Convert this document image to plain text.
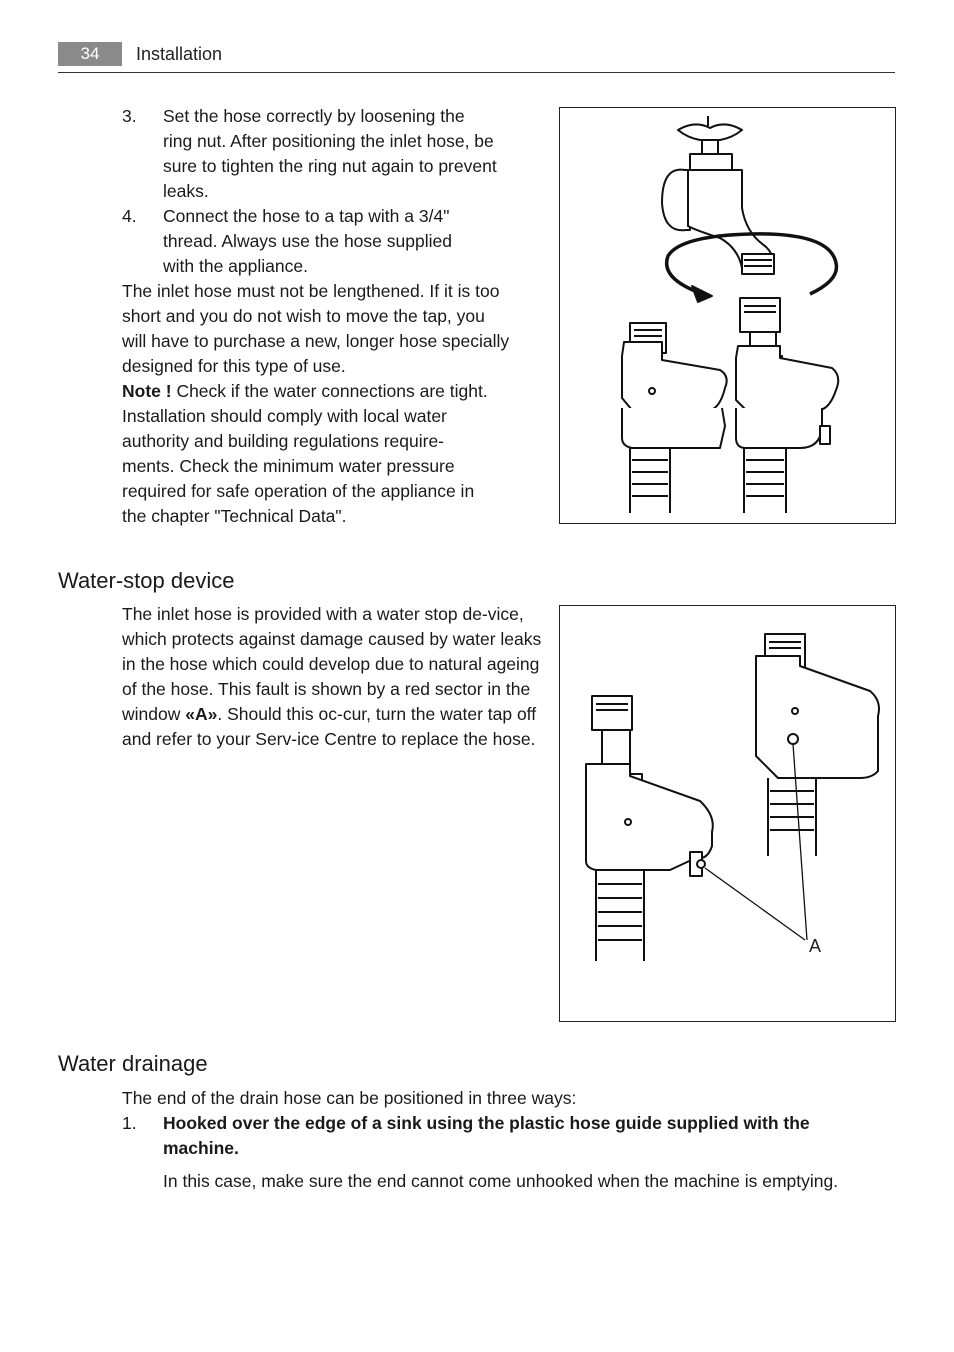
34	Installation
3. Set the hose correctly by loosening the ring nut. After positioning the inlet hose, be sure to tighten the ring nut again to prevent leaks.
4. Connect the hose to a tap with a 3/4" thread. Always use the hose supplied with the appliance.

The inlet hose must not be lengthened. If it is too short and you do not wish to move the tap, you will have to purchase a new, longer hose specially designed for this type of use.

Note ! Check if the water connections are tight.

Installation should comply with local water authority and building regulations require-ments. Check the minimum water pressure required for safe operation of the appliance in the chapter "Technical Data".

Water-stop device

The inlet hose is provided with a water stop de-vice, which protects against damage caused by water leaks in the hose which could develop due to natural ageing of the hose. This fault is shown by a red sector in the window «A». Should this oc-cur, turn the water tap off and refer to your Serv-ice Centre to replace the hose.

A
Water drainage

The end of the drain hose can be positioned in three ways:

1. Hooked over the edge of a sink using the plastic hose guide supplied with the machine.
In this case, make sure the end cannot come unhooked when the machine is emptying.
